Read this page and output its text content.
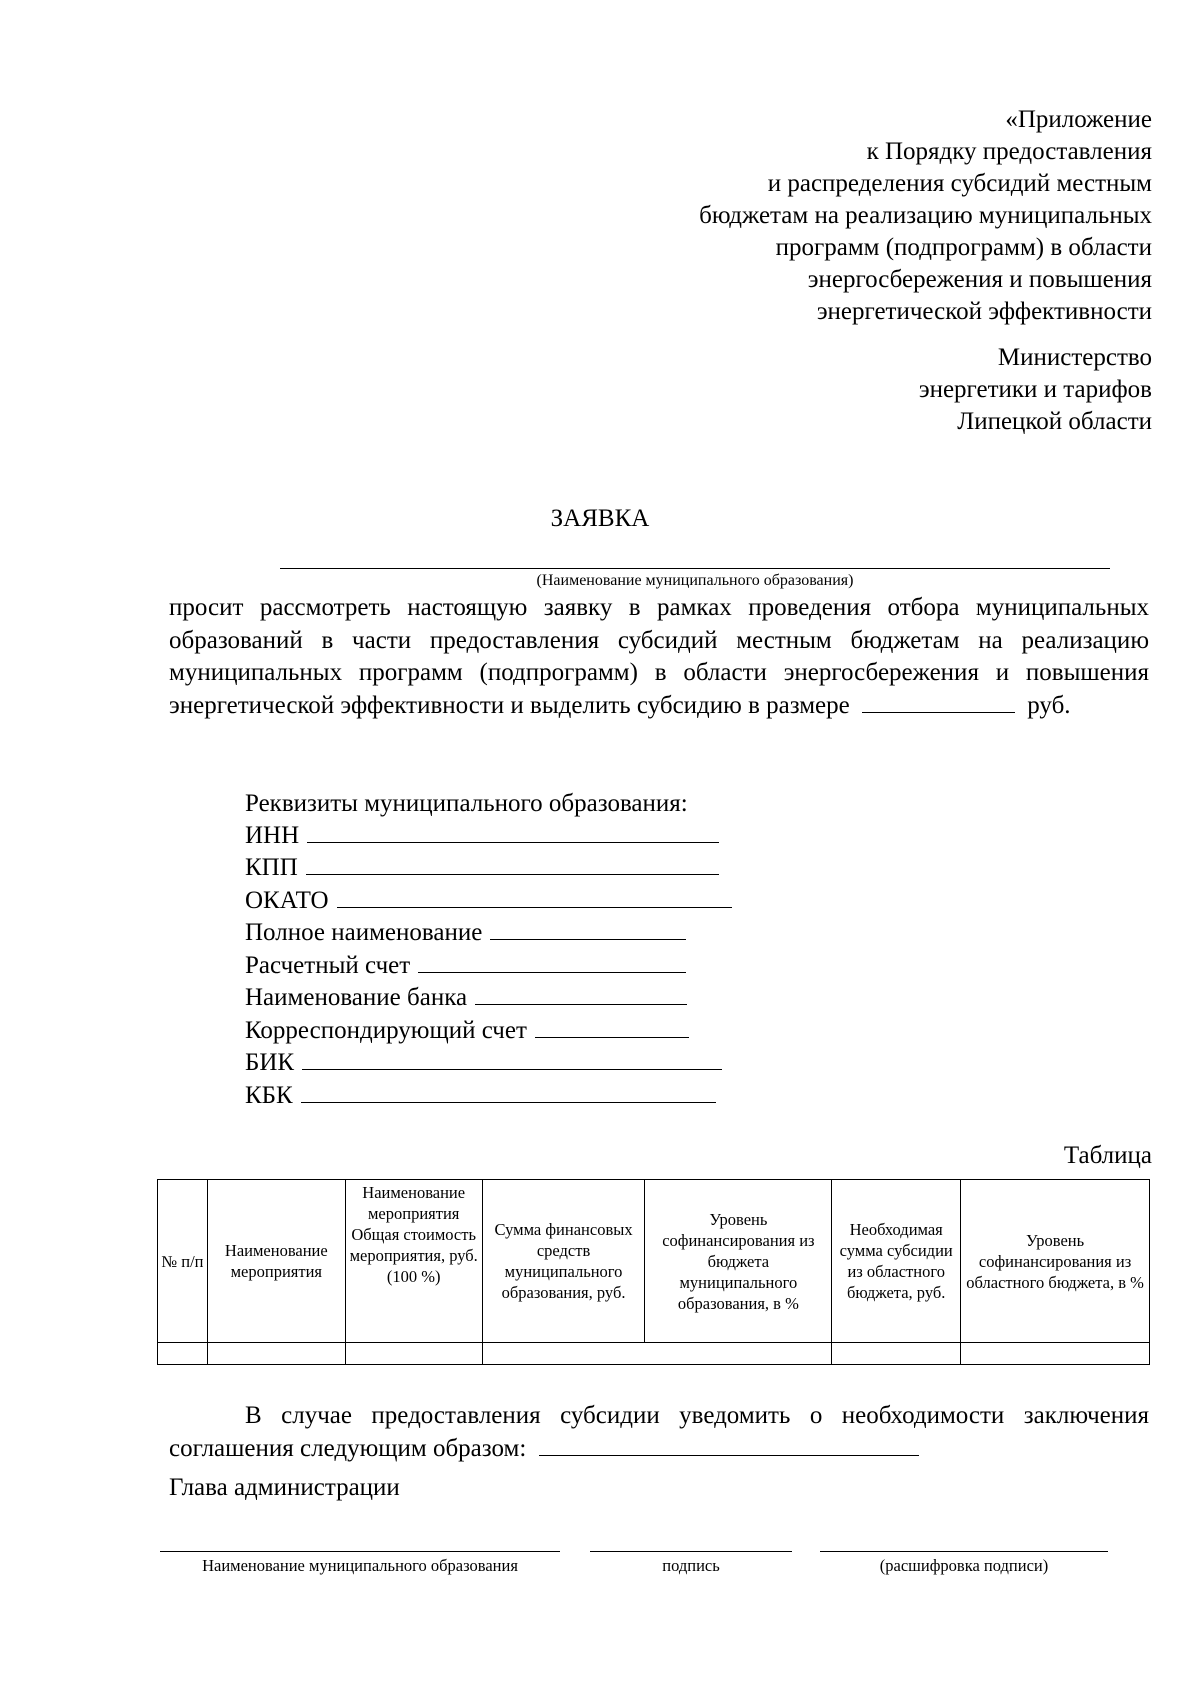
«Приложение
к Порядку предоставления
и распределения субсидий местным
бюджетам на реализацию муниципальных
программ (подпрограмм) в области
энергосбережения и повышения
энергетической эффективности
Министерство
энергетики и тарифов
Липецкой области
ЗАЯВКА
(Наименование муниципального образования)
просит рассмотреть настоящую заявку в рамках проведения отбора муниципальных образований в части предоставления субсидий местным бюджетам на реализацию муниципальных программ (подпрограмм) в области энергосбережения и повышения энергетической эффективности и выделить субсидию в размере	руб.
Реквизиты муниципального образования:
ИНН
КПП
ОКАТО
Полное наименование
Расчетный счет
Наименование банка
Корреспондирующий счет
БИК
КБК
Таблица
№ п/п	Наименование мероприятия	Наименование мероприятия Общая стоимость мероприятия, руб. (100 %)	Сумма финансовых средств муниципального образования, руб.	Уровень софинансирования из бюджета муниципального образования, в %	Необходимая сумма субсидии из областного бюджета, руб.	Уровень софинансирования из областного бюджета, в %

В случае предоставления субсидии уведомить о необходимости заключения соглашения следующим образом:
Глава администрации
Наименование муниципального образования	подпись	(расшифровка подписи)
